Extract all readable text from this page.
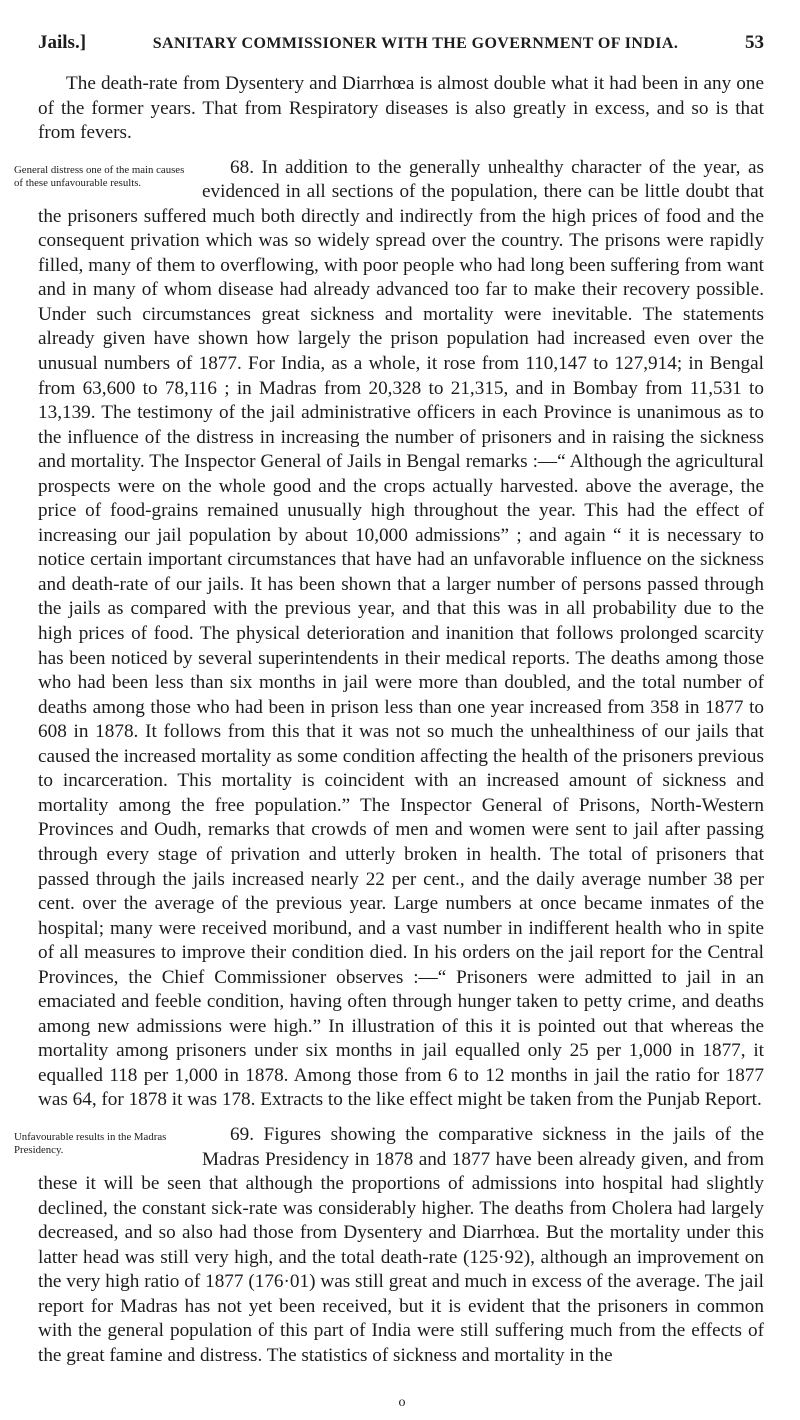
Jails.]	SANITARY COMMISSIONER WITH THE GOVERNMENT OF INDIA.	53

The death-rate from Dysentery and Diarrhœa is almost double what it had been in any one of the former years. That from Respiratory diseases is also greatly in excess, and so is that from fevers.

General distress one of the main causes of these unfavourable results.
68. In addition to the generally unhealthy character of the year, as evidenced in all sections of the population, there can be little doubt that the prisoners suffered much both directly and indirectly from the high prices of food and the consequent privation which was so widely spread over the country. The prisons were rapidly filled, many of them to overflowing, with poor people who had long been suffering from want and in many of whom disease had already advanced too far to make their recovery possible. Under such circumstances great sickness and mortality were inevitable. The statements already given have shown how largely the prison population had increased even over the unusual numbers of 1877. For India, as a whole, it rose from 110,147 to 127,914; in Bengal from 63,600 to 78,116 ; in Madras from 20,328 to 21,315, and in Bombay from 11,531 to 13,139. The testimony of the jail administrative officers in each Province is unanimous as to the influence of the distress in increasing the number of prisoners and in raising the sickness and mortality. The Inspector General of Jails in Bengal remarks :—“ Although the agricultural prospects were on the whole good and the crops actually harvested. above the average, the price of food-grains remained unusually high throughout the year. This had the effect of increasing our jail population by about 10,000 admissions” ; and again “ it is necessary to notice certain important circumstances that have had an unfavorable influence on the sickness and death-rate of our jails. It has been shown that a larger number of persons passed through the jails as compared with the previous year, and that this was in all probability due to the high prices of food. The physical deterioration and inanition that follows prolonged scarcity has been noticed by several superintendents in their medical reports. The deaths among those who had been less than six months in jail were more than doubled, and the total number of deaths among those who had been in prison less than one year increased from 358 in 1877 to 608 in 1878. It follows from this that it was not so much the unhealthiness of our jails that caused the increased mortality as some condition affecting the health of the prisoners previous to incarceration. This mortality is coincident with an increased amount of sickness and mortality among the free population.” The Inspector General of Prisons, North-Western Provinces and Oudh, remarks that crowds of men and women were sent to jail after passing through every stage of privation and utterly broken in health. The total of prisoners that passed through the jails increased nearly 22 per cent., and the daily average number 38 per cent. over the average of the previous year. Large numbers at once became inmates of the hospital; many were received moribund, and a vast number in indifferent health who in spite of all measures to improve their condition died. In his orders on the jail report for the Central Provinces, the Chief Commissioner observes :—“ Prisoners were admitted to jail in an emaciated and feeble condition, having often through hunger taken to petty crime, and deaths among new admissions were high.” In illustration of this it is pointed out that whereas the mortality among prisoners under six months in jail equalled only 25 per 1,000 in 1877, it equalled 118 per 1,000 in 1878. Among those from 6 to 12 months in jail the ratio for 1877 was 64, for 1878 it was 178. Extracts to the like effect might be taken from the Punjab Report.

Unfavourable results in the Madras Presidency.
69. Figures showing the comparative sickness in the jails of the Madras Presidency in 1878 and 1877 have been already given, and from these it will be seen that although the proportions of admissions into hospital had slightly declined, the constant sick-rate was considerably higher. The deaths from Cholera had largely decreased, and so also had those from Dysentery and Diarrhœa. But the mortality under this latter head was still very high, and the total death-rate (125·92), although an improvement on the very high ratio of 1877 (176·01) was still great and much in excess of the average. The jail report for Madras has not yet been received, but it is evident that the prisoners in common with the general population of this part of India were still suffering much from the effects of the great famine and distress. The statistics of sickness and mortality in the

o
